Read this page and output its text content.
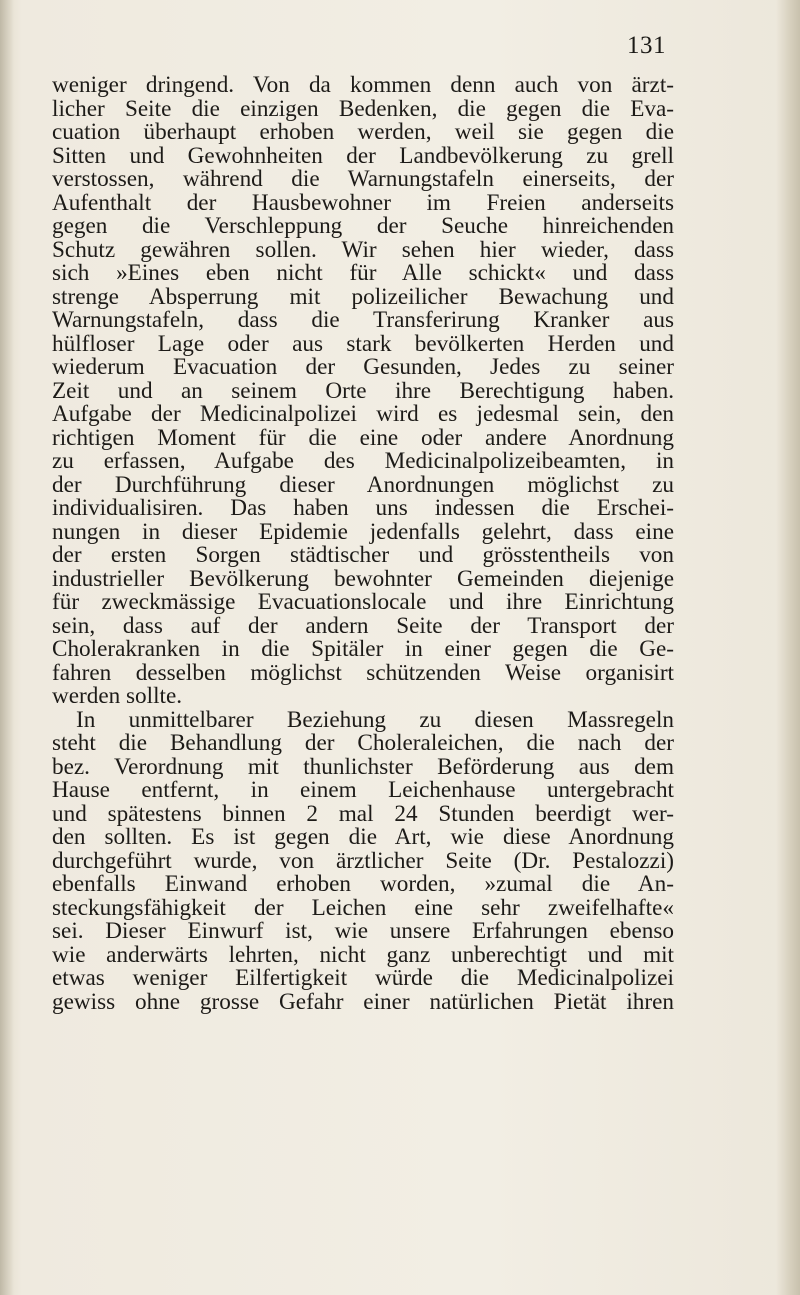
131
weniger dringend. Von da kommen denn auch von ärzt-
licher Seite die einzigen Bedenken, die gegen die Eva-
cuation überhaupt erhoben werden, weil sie gegen die
Sitten und Gewohnheiten der Landbevölkerung zu grell
verstossen, während die Warnungstafeln einerseits, der
Aufenthalt der Hausbewohner im Freien anderseits
gegen die Verschleppung der Seuche hinreichenden
Schutz gewähren sollen. Wir sehen hier wieder, dass
sich »Eines eben nicht für Alle schickt« und dass
strenge Absperrung mit polizeilicher Bewachung und
Warnungstafeln, dass die Transferirung Kranker aus
hülfloser Lage oder aus stark bevölkerten Herden und
wiederum Evacuation der Gesunden, Jedes zu seiner
Zeit und an seinem Orte ihre Berechtigung haben.
Aufgabe der Medicinalpolizei wird es jedesmal sein, den
richtigen Moment für die eine oder andere Anordnung
zu erfassen, Aufgabe des Medicinalpolizeibeamten, in
der Durchführung dieser Anordnungen möglichst zu
individualisiren. Das haben uns indessen die Erschei-
nungen in dieser Epidemie jedenfalls gelehrt, dass eine
der ersten Sorgen städtischer und grösstentheils von
industrieller Bevölkerung bewohnter Gemeinden diejenige
für zweckmässige Evacuationslocale und ihre Einrichtung
sein, dass auf der andern Seite der Transport der
Cholerakranken in die Spitäler in einer gegen die Ge-
fahren desselben möglichst schützenden Weise organisirt
werden sollte.
In unmittelbarer Beziehung zu diesen Massregeln
steht die Behandlung der Choleraleichen, die nach der
bez. Verordnung mit thunlichster Beförderung aus dem
Hause entfernt, in einem Leichenhause untergebracht
und spätestens binnen 2 mal 24 Stunden beerdigt wer-
den sollten. Es ist gegen die Art, wie diese Anordnung
durchgeführt wurde, von ärztlicher Seite (Dr. Pestalozzi)
ebenfalls Einwand erhoben worden, »zumal die An-
steckungsfähigkeit der Leichen eine sehr zweifelhafte«
sei. Dieser Einwurf ist, wie unsere Erfahrungen ebenso
wie anderwärts lehrten, nicht ganz unberechtigt und mit
etwas weniger Eilfertigkeit würde die Medicinalpolizei
gewiss ohne grosse Gefahr einer natürlichen Pietät ihren
